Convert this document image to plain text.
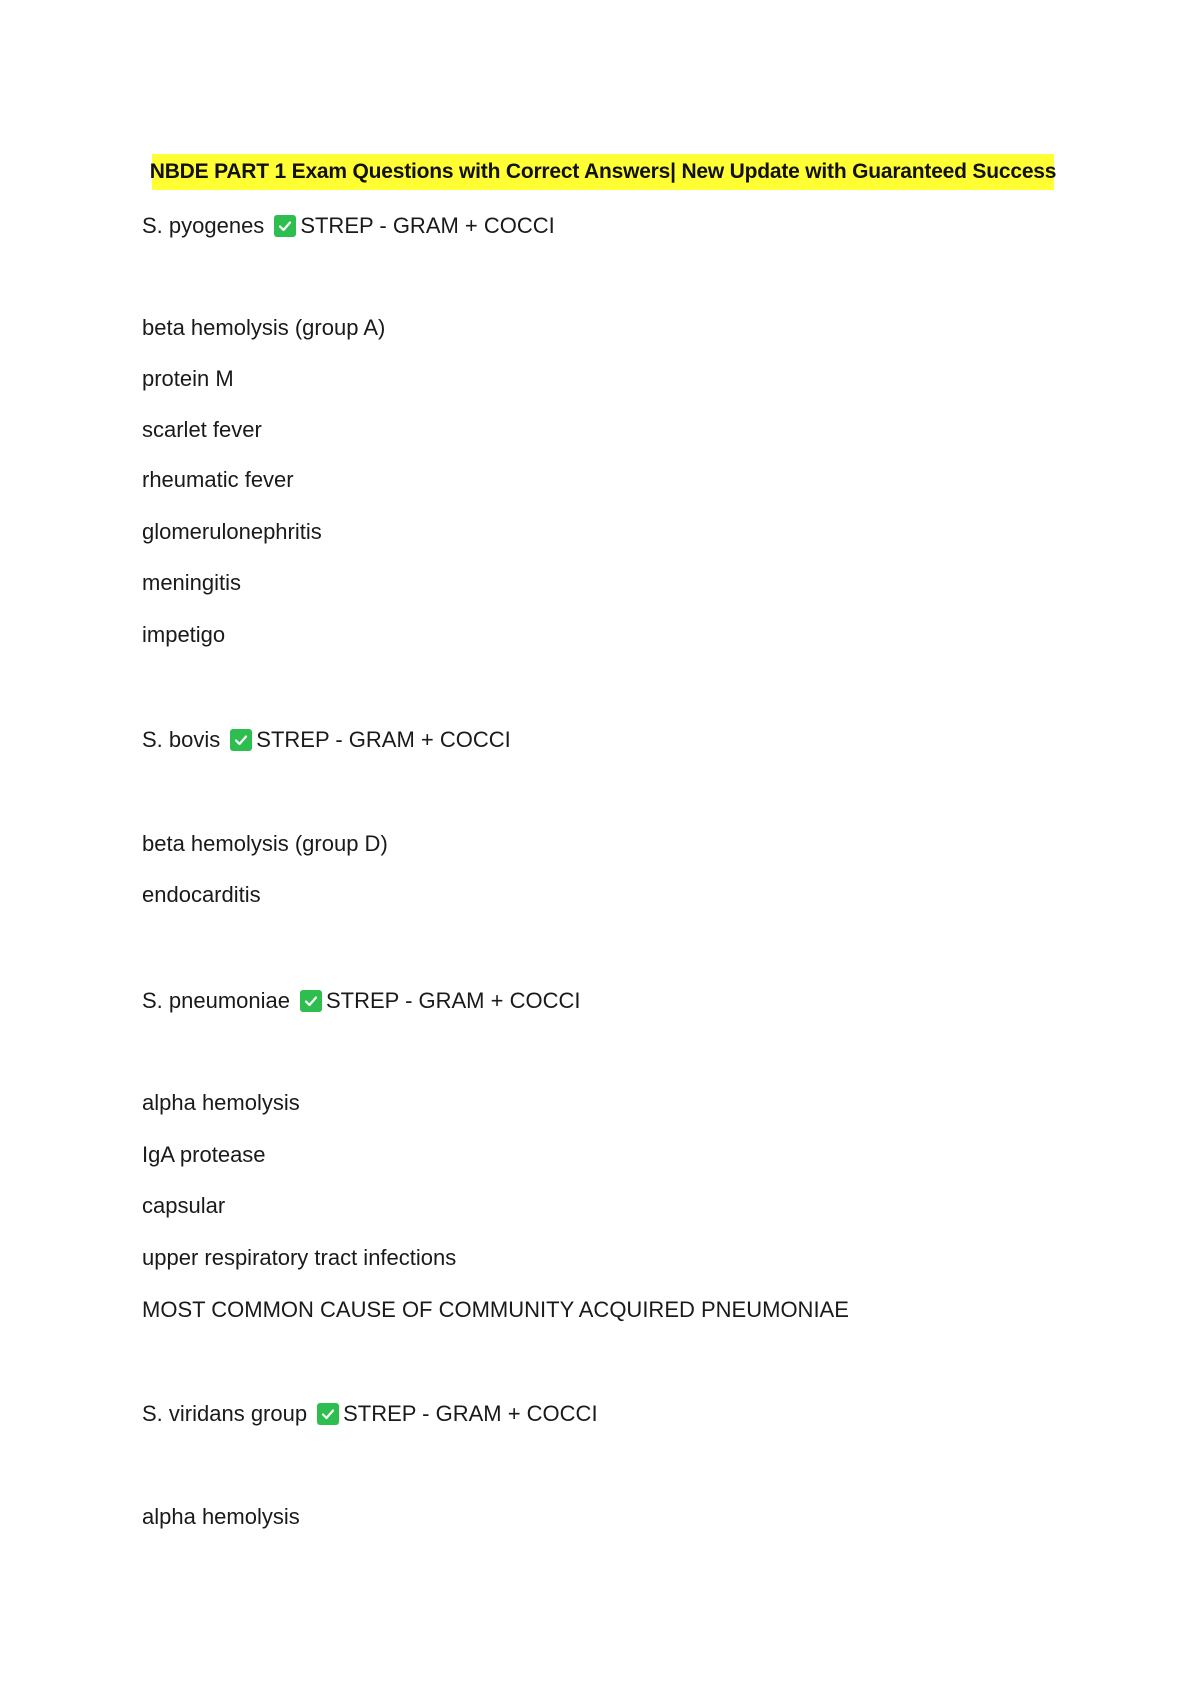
NBDE PART 1 Exam Questions with Correct Answers| New Update with Guaranteed Success
S. pyogenes STREP - GRAM + COCCI
beta hemolysis (group A)
protein M
scarlet fever
rheumatic fever
glomerulonephritis
meningitis
impetigo
S. bovis STREP - GRAM + COCCI
beta hemolysis (group D)
endocarditis
S. pneumoniae STREP - GRAM + COCCI
alpha hemolysis
IgA protease
capsular
upper respiratory tract infections
MOST COMMON CAUSE OF COMMUNITY ACQUIRED PNEUMONIAE
S. viridans group STREP - GRAM + COCCI
alpha hemolysis
